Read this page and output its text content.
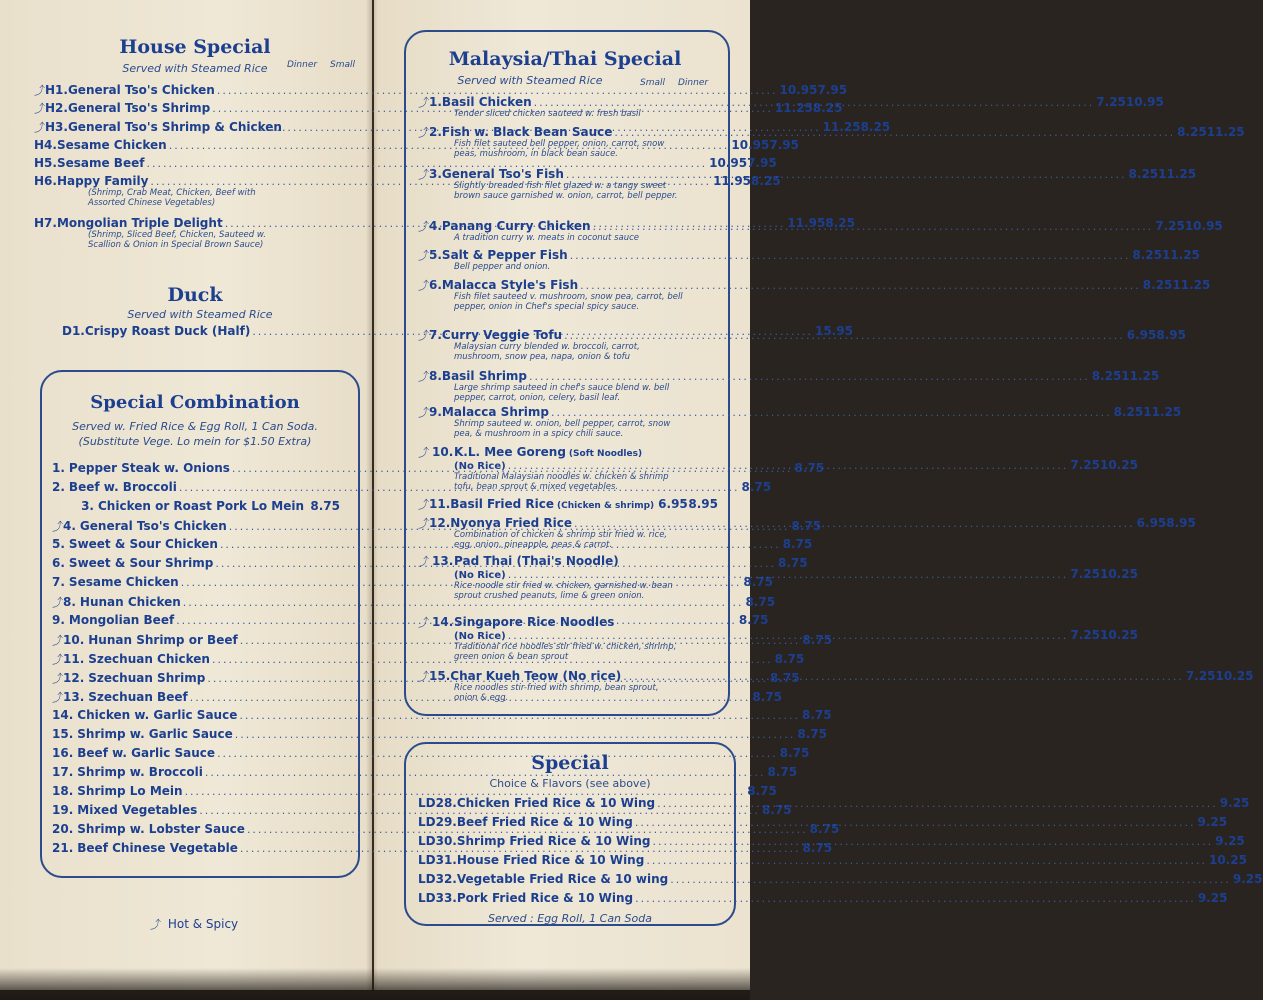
House Special
Served with Steamed Rice	Dinner Small
⤴ H1. General Tso's Chicken .....	10.95 7.95
⤴ H2. General Tso's Shrimp .....	11.25 8.25
⤴ H3. General Tso's Shrimp & Chicken .....	11.25 8.25
H4. Sesame Chicken .....	10.95 7.95
H5. Sesame Beef .....	10.95 7.95
H6. Happy Family .....	11.95 8.25
(Shrimp, Crab Meat, Chicken, Beef with Assorted Chinese Vegetables)
H7. Mongolian Triple Delight .....	11.95 8.25
(Shrimp, Sliced Beef, Chicken, Sauteed w. Scallion & Onion in Special Brown Sauce)
Duck
Served with Steamed Rice
D1. Crispy Roast Duck (Half) .....	15.95
Special Combination
Served w. Fried Rice & Egg Roll, 1 Can Soda.
(Substitute Vege. Lo mein for $1.50 Extra)
1. Pepper Steak w. Onions .....	8.75
2. Beef w. Broccoli .....	8.75
3. Chicken or Roast Pork Lo Mein 8.75
⤴ 4. General Tso's Chicken .....	8.75
5. Sweet & Sour Chicken .....	8.75
6. Sweet & Sour Shrimp .....	8.75
7. Sesame Chicken .....	8.75
⤴ 8. Hunan Chicken .....	8.75
9. Mongolian Beef .....	8.75
⤴ 10. Hunan Shrimp or Beef .....	8.75
⤴ 11. Szechuan Chicken .....	8.75
⤴ 12. Szechuan Shrimp .....	8.75
⤴ 13. Szechuan Beef .....	8.75
14. Chicken w. Garlic Sauce .....	8.75
15. Shrimp w. Garlic Sauce .....	8.75
16. Beef w. Garlic Sauce .....	8.75
17. Shrimp w. Broccoli .....	8.75
18. Shrimp Lo Mein .....	8.75
19. Mixed Vegetables .....	8.75
20. Shrimp w. Lobster Sauce .....	8.75
21. Beef Chinese Vegetable .....	8.75
⤴ Hot & Spicy
Malaysia/Thai Special
Served with Steamed Rice	Small Dinner
⤴ 1. Basil Chicken .....	7.25 10.95
Tender sliced chicken sauteed w. fresh basil
⤴ 2. Fish w. Black Bean Sauce .....	8.25 11.25
Fish filet sauteed bell pepper, onion, carrot, snow peas, mushroom, in black bean sauce.
⤴ 3. General Tso's Fish .....	8.25 11.25
Slightly breaded fish filet glazed w. a tangy sweet brown sauce garnished w. onion, carrot, bell pepper.
⤴ 4. Panang Curry Chicken .....	7.25 10.95
A tradition curry w. meats in coconut sauce
⤴ 5. Salt & Pepper Fish .....	8.25 11.25
Bell pepper and onion.
⤴ 6. Malacca Style's Fish .....	8.25 11.25
Fish filet sauteed v. mushroom, snow pea, carrot, bell pepper, onion in Chef's special spicy sauce.
⤴ 7. Curry Veggie Tofu .....	6.95 8.95
Malaysian curry blended w. broccoli, carrot, mushroom, snow pea, napa, onion & tofu
⤴ 8. Basil Shrimp .....	8.25 11.25
Large shrimp sauteed in chef's sauce blend w. bell pepper, carrot, onion, celery, basil leaf.
⤴ 9. Malacca Shrimp .....	8.25 11.25
Shrimp sauteed w. onion, bell pepper, carrot, snow pea, & mushroom in a spicy chili sauce.
⤴ 10. K.L. Mee Goreng (Soft Noodles)
(No Rice) .....	7.25 10.25
Traditional Malaysian noodles w. chicken & shrimp tofu, bean sprout & mixed vegetables.
⤴ 11. Basil Fried Rice (Chicken & shrimp) 6.95 8.95
⤴ 12. Nyonya Fried Rice .....	6.95 8.95
Combination of chicken & shrimp stir fried w. rice, egg, onion, pineapple, peas & carrot.
⤴ 13. Pad Thai (Thai's Noodle)
(No Rice) .....	7.25 10.25
Rice noodle stir fried w. chicken, garnished w. bean sprout crushed peanuts, lime & green onion.
⤴ 14. Singapore Rice Noodles
(No Rice) .....	7.25 10.25
Traditional rice noodles stir fried w. chicken, shrimp, green onion & bean sprout
⤴ 15. Char Kueh Teow (No rice) .....	7.25 10.25
Rice noodles stir-fried with shrimp, bean sprout, onion & egg.
Special
Choice & Flavors (see above)
LD28. Chicken Fried Rice & 10 Wing .....	9.25
LD29. Beef Fried Rice & 10 Wing .....	9.25
LD30. Shrimp Fried Rice & 10 Wing .....	9.25
LD31. House Fried Rice & 10 Wing .....	10.25
LD32. Vegetable Fried Rice & 10 wing .....	9.25
LD33. Pork Fried Rice & 10 Wing .....	9.25
Served : Egg Roll, 1 Can Soda
